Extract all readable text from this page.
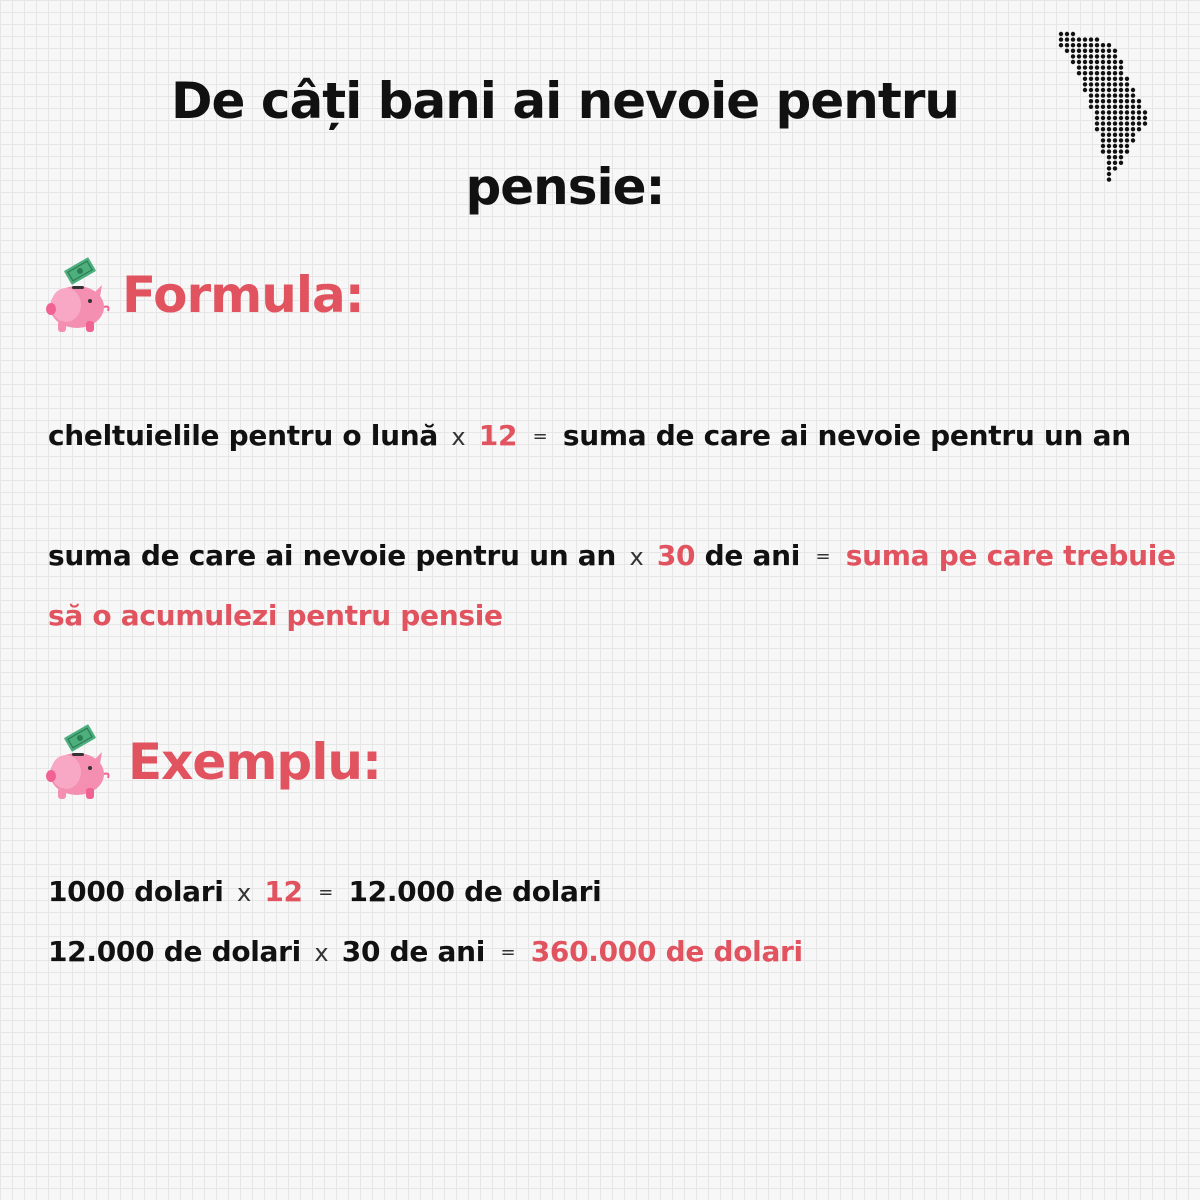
De câți bani ai nevoie pentru
pensie:
Formula:

cheltuielile pentru o lună x 12 = suma de care ai nevoie pentru un an

suma de care ai nevoie pentru un an x 30 de ani = suma pe care trebuie

să o acumulezi pentru pensie

Exemplu:

1000 dolari x 12 = 12.000 de dolari

12.000 de dolari x 30 de ani = 360.000 de dolari
